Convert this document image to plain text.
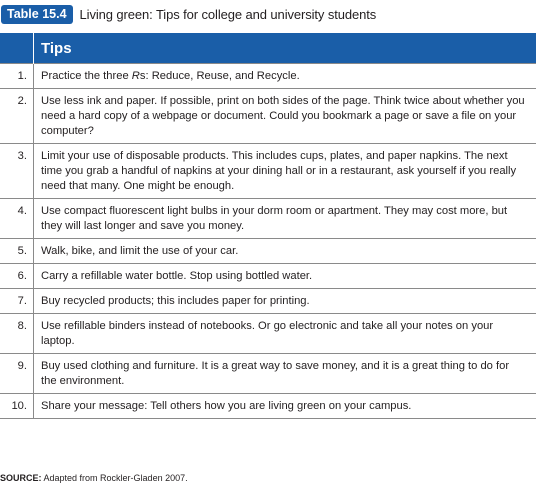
Table 15.4	Living green: Tips for college and university students
	Tips
1.	Practice the three Rs: Reduce, Reuse, and Recycle.
2.	Use less ink and paper. If possible, print on both sides of the page. Think twice about whether you need a hard copy of a webpage or document. Could you bookmark a page or save a file on your computer?
3.	Limit your use of disposable products. This includes cups, plates, and paper napkins. The next time you grab a handful of napkins at your dining hall or in a restaurant, ask yourself if you really need that many. One might be enough.
4.	Use compact fluorescent light bulbs in your dorm room or apartment. They may cost more, but they will last longer and save you money.
5.	Walk, bike, and limit the use of your car.
6.	Carry a refillable water bottle. Stop using bottled water.
7.	Buy recycled products; this includes paper for printing.
8.	Use refillable binders instead of notebooks. Or go electronic and take all your notes on your laptop.
9.	Buy used clothing and furniture. It is a great way to save money, and it is a great thing to do for the environment.
10.	Share your message: Tell others how you are living green on your campus.
SOURCE: Adapted from Rockler-Gladen 2007.
